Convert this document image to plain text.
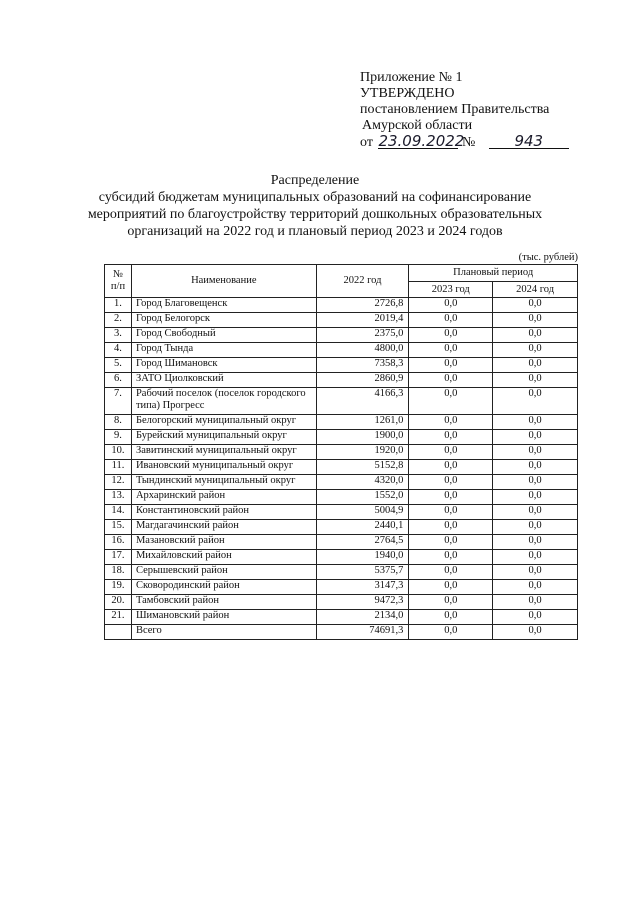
Приложение № 1
УТВЕРЖДЕНО
постановлением Правительства
Амурской области
от 23.09.2022 №	943
Распределение
субсидий бюджетам муниципальных образований на софинансирование
мероприятий по благоустройству территорий дошкольных образовательных
организаций на 2022 год и плановый период 2023 и 2024 годов
(тыс. рублей)
№
п/п	Наименование	2022 год	Плановый период	
			2023 год	2024 год
1.	Город Благовещенск	2726,8	0,0	0,0
2.	Город Белогорск	2019,4	0,0	0,0
3.	Город Свободный	2375,0	0,0	0,0
4.	Город Тында	4800,0	0,0	0,0
5.	Город Шимановск	7358,3	0,0	0,0
6.	ЗАТО Циолковский	2860,9	0,0	0,0
7.	Рабочий поселок (поселок городского типа) Прогресс	4166,3	0,0	0,0
8.	Белогорский муниципальный округ	1261,0	0,0	0,0
9.	Бурейский муниципальный округ	1900,0	0,0	0,0
10.	Завитинский муниципальный округ	1920,0	0,0	0,0
11.	Ивановский муниципальный округ	5152,8	0,0	0,0
12.	Тындинский муниципальный округ	4320,0	0,0	0,0
13.	Архаринский район	1552,0	0,0	0,0
14.	Константиновский район	5004,9	0,0	0,0
15.	Магдагачинский район	2440,1	0,0	0,0
16.	Мазановский район	2764,5	0,0	0,0
17.	Михайловский район	1940,0	0,0	0,0
18.	Серышевский район	5375,7	0,0	0,0
19.	Сковородинский район	3147,3	0,0	0,0
20.	Тамбовский район	9472,3	0,0	0,0
21.	Шимановский район	2134,0	0,0	0,0
	Всего	74691,3	0,0	0,0
